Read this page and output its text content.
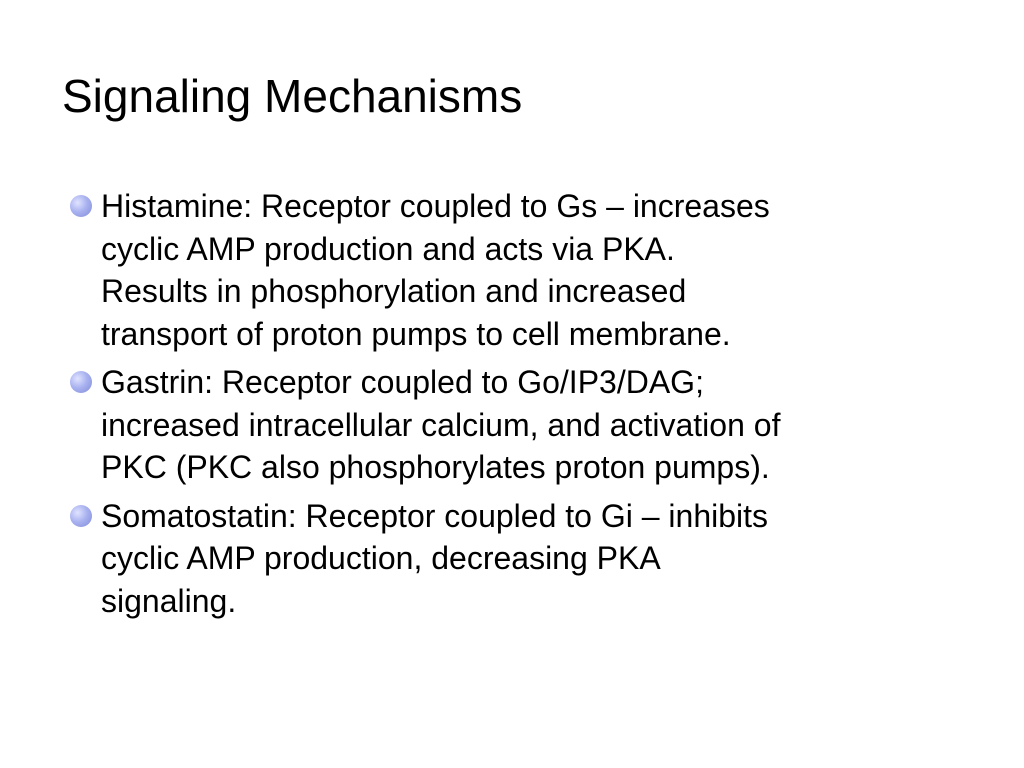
Signaling Mechanisms
Histamine: Receptor coupled to Gs – increases
cyclic AMP production and acts via PKA.
Results in phosphorylation and increased
transport of proton pumps to cell membrane.
Gastrin: Receptor coupled to Go/IP3/DAG;
increased intracellular calcium, and activation of
PKC (PKC also phosphorylates proton pumps).
Somatostatin: Receptor coupled to Gi – inhibits
cyclic AMP production, decreasing PKA
signaling.
